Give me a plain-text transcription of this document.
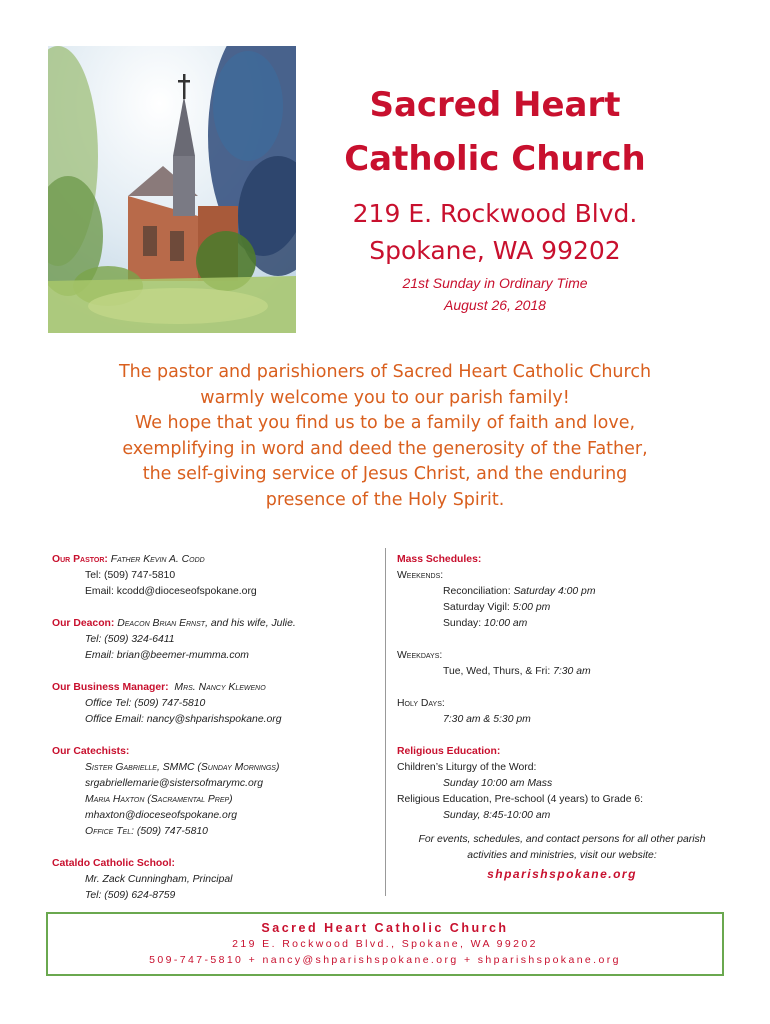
Sacred Heart
Catholic Church
219 E. Rockwood Blvd.
Spokane, WA 99202
21st Sunday in Ordinary Time
August 26, 2018
The pastor and parishioners of Sacred Heart Catholic Church
warmly welcome you to our parish family!
We hope that you find us to be a family of faith and love,
exemplifying in word and deed the generosity of the Father,
the self-giving service of Jesus Christ, and the enduring
presence of the Holy Spirit.
Our Pastor: Father Kevin A. Codd
Tel: (509) 747-5810
Email: kcodd@dioceseofspokane.org
Our Deacon: Deacon Brian Ernst, and his wife, Julie.
Tel: (509) 324-6411
Email: brian@beemer-mumma.com
Our Business Manager: Mrs. Nancy Kleweno
Office Tel: (509) 747-5810
Office Email: nancy@shparishspokane.org
Our Catechists:
Sister Gabrielle, SMMC (Sunday Mornings)
srgabriellemarie@sistersofmarymc.org
Maria Haxton (Sacramental Prep)
mhaxton@dioceseofspokane.org
Office Tel: (509) 747-5810
Cataldo Catholic School:
Mr. Zack Cunningham, Principal
Tel: (509) 624-8759
Mass Schedules:
Weekends:
Reconciliation: Saturday 4:00 pm
Saturday Vigil: 5:00 pm
Sunday: 10:00 am
Weekdays:
Tue, Wed, Thurs, & Fri: 7:30 am
Holy Days:
7:30 am & 5:30 pm
Religious Education:
Children’s Liturgy of the Word:
Sunday 10:00 am Mass
Religious Education, Pre-school (4 years) to Grade 6:
Sunday, 8:45-10:00 am
For events, schedules, and contact persons for all other parish
activities and ministries, visit our website:
shparishspokane.org
Sacred Heart Catholic Church
219 E. Rockwood Blvd., Spokane, WA 99202
509-747-5810 + nancy@shparishspokane.org + shparishspokane.org
